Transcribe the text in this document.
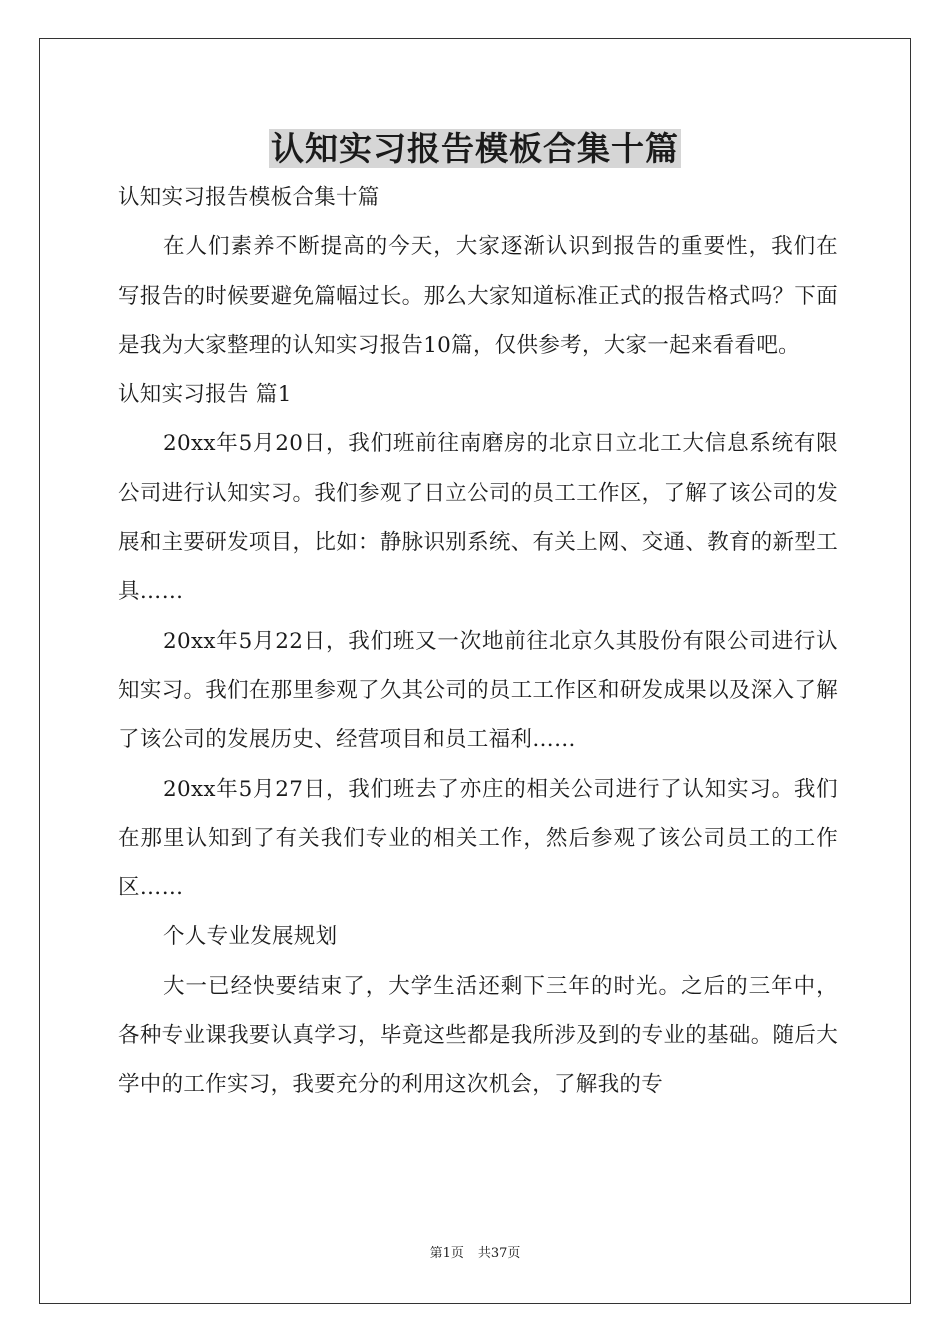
认知实习报告模板合集十篇

认知实习报告模板合集十篇

在人们素养不断提高的今天，大家逐渐认识到报告的重要性，我们在写报告的时候要避免篇幅过长。那么大家知道标准正式的报告格式吗？下面是我为大家整理的认知实习报告10篇，仅供参考，大家一起来看看吧。

认知实习报告 篇1

20xx年5月20日，我们班前往南磨房的北京日立北工大信息系统有限公司进行认知实习。我们参观了日立公司的员工工作区，了解了该公司的发展和主要研发项目，比如：静脉识别系统、有关上网、交通、教育的新型工具……

20xx年5月22日，我们班又一次地前往北京久其股份有限公司进行认知实习。我们在那里参观了久其公司的员工工作区和研发成果以及深入了解了该公司的发展历史、经营项目和员工福利……

20xx年5月27日，我们班去了亦庄的相关公司进行了认知实习。我们在那里认知到了有关我们专业的相关工作，然后参观了该公司员工的工作区……

个人专业发展规划

大一已经快要结束了，大学生活还剩下三年的时光。之后的三年中，各种专业课我要认真学习，毕竟这些都是我所涉及到的专业的基础。随后大学中的工作实习，我要充分的利用这次机会，了解我的专

第1页 共37页
